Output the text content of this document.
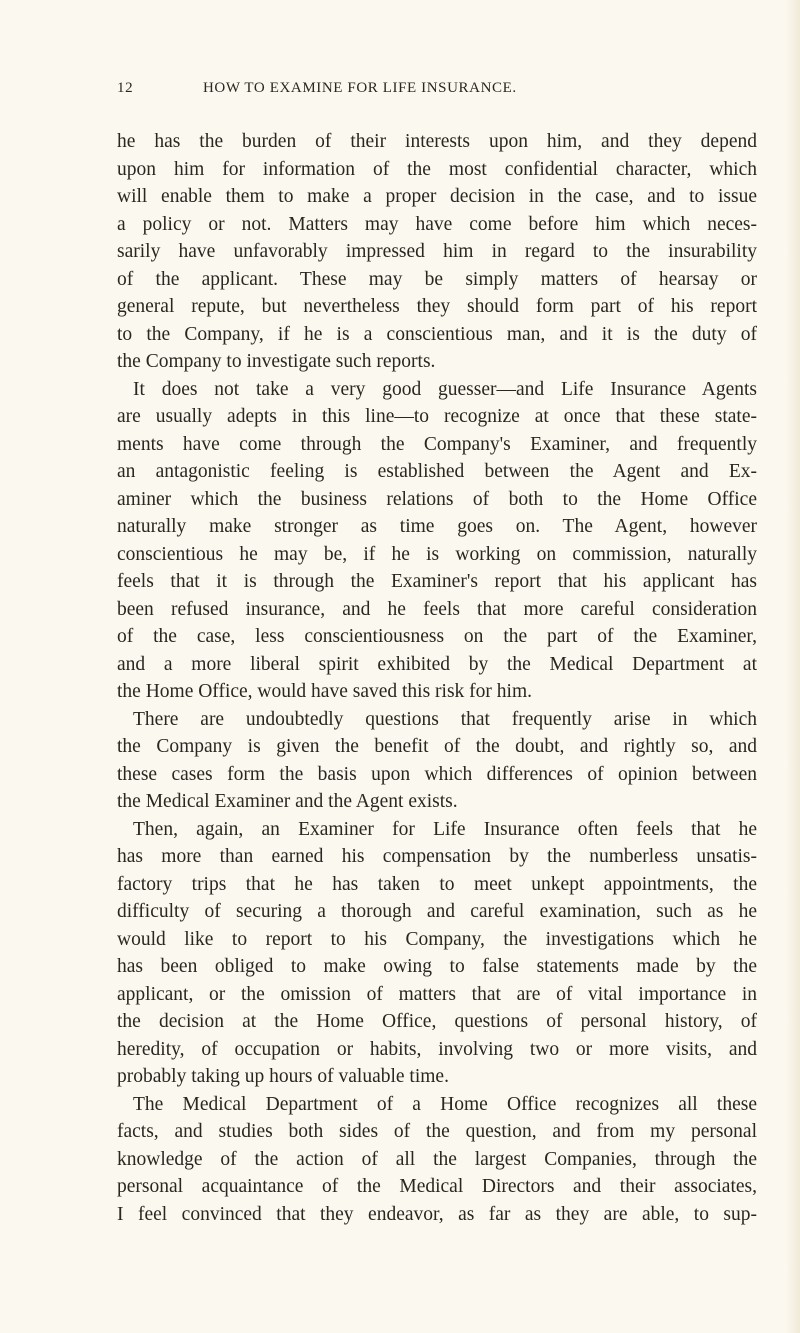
12	HOW TO EXAMINE FOR LIFE INSURANCE.
he has the burden of their interests upon him, and they depend
upon him for information of the most confidential character, which
will enable them to make a proper decision in the case, and to issue
a policy or not. Matters may have come before him which neces-
sarily have unfavorably impressed him in regard to the insurability
of the applicant. These may be simply matters of hearsay or
general repute, but nevertheless they should form part of his report
to the Company, if he is a conscientious man, and it is the duty of
the Company to investigate such reports.
It does not take a very good guesser—and Life Insurance Agents
are usually adepts in this line—to recognize at once that these state-
ments have come through the Company's Examiner, and frequently
an antagonistic feeling is established between the Agent and Ex-
aminer which the business relations of both to the Home Office
naturally make stronger as time goes on. The Agent, however
conscientious he may be, if he is working on commission, naturally
feels that it is through the Examiner's report that his applicant has
been refused insurance, and he feels that more careful consideration
of the case, less conscientiousness on the part of the Examiner,
and a more liberal spirit exhibited by the Medical Department at
the Home Office, would have saved this risk for him.
There are undoubtedly questions that frequently arise in which
the Company is given the benefit of the doubt, and rightly so, and
these cases form the basis upon which differences of opinion between
the Medical Examiner and the Agent exists.
Then, again, an Examiner for Life Insurance often feels that he
has more than earned his compensation by the numberless unsatis-
factory trips that he has taken to meet unkept appointments, the
difficulty of securing a thorough and careful examination, such as he
would like to report to his Company, the investigations which he
has been obliged to make owing to false statements made by the
applicant, or the omission of matters that are of vital importance in
the decision at the Home Office, questions of personal history, of
heredity, of occupation or habits, involving two or more visits, and
probably taking up hours of valuable time.
The Medical Department of a Home Office recognizes all these
facts, and studies both sides of the question, and from my personal
knowledge of the action of all the largest Companies, through the
personal acquaintance of the Medical Directors and their associates,
I feel convinced that they endeavor, as far as they are able, to sup-
